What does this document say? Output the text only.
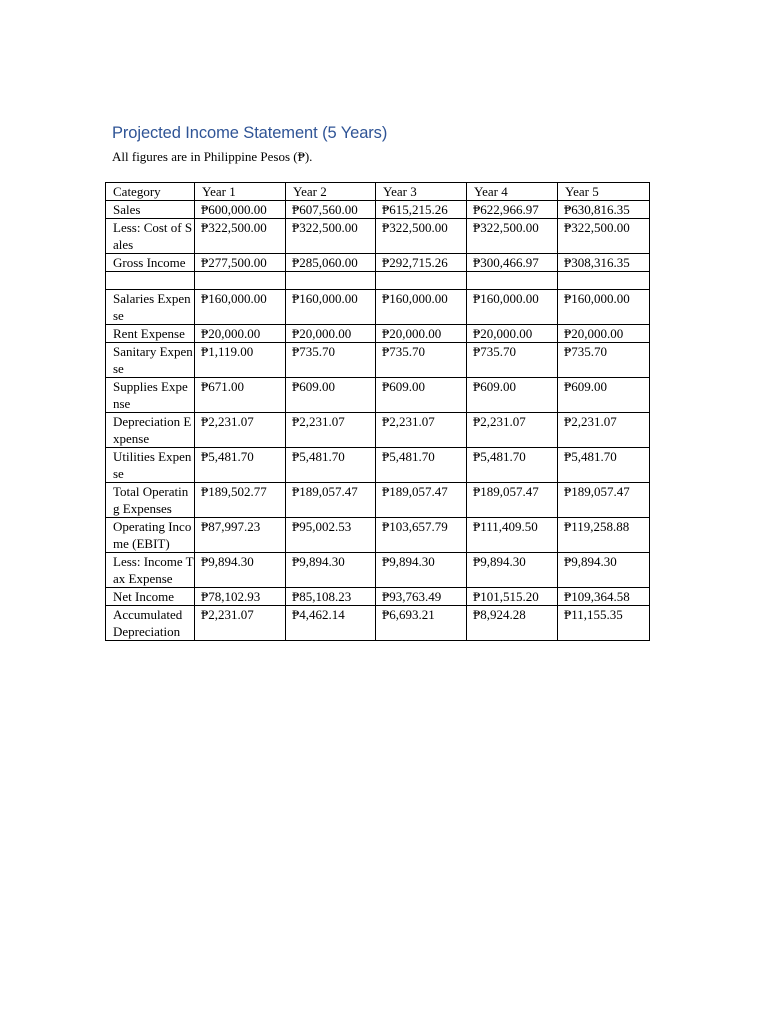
Projected Income Statement (5 Years)

All figures are in Philippine Pesos (₱).

Category	Year 1	Year 2	Year 3	Year 4	Year 5
Sales	₱600,000.00	₱607,560.00	₱615,215.26	₱622,966.97	₱630,816.35
Less: Cost of Sales	₱322,500.00	₱322,500.00	₱322,500.00	₱322,500.00	₱322,500.00
Gross Income	₱277,500.00	₱285,060.00	₱292,715.26	₱300,466.97	₱308,316.35

Salaries Expense	₱160,000.00	₱160,000.00	₱160,000.00	₱160,000.00	₱160,000.00
Rent Expense	₱20,000.00	₱20,000.00	₱20,000.00	₱20,000.00	₱20,000.00
Sanitary Expense	₱1,119.00	₱735.70	₱735.70	₱735.70	₱735.70
Supplies Expense	₱671.00	₱609.00	₱609.00	₱609.00	₱609.00
Depreciation Expense	₱2,231.07	₱2,231.07	₱2,231.07	₱2,231.07	₱2,231.07
Utilities Expense	₱5,481.70	₱5,481.70	₱5,481.70	₱5,481.70	₱5,481.70
Total Operating Expenses	₱189,502.77	₱189,057.47	₱189,057.47	₱189,057.47	₱189,057.47
Operating Income (EBIT)	₱87,997.23	₱95,002.53	₱103,657.79	₱111,409.50	₱119,258.88
Less: Income Tax Expense	₱9,894.30	₱9,894.30	₱9,894.30	₱9,894.30	₱9,894.30
Net Income	₱78,102.93	₱85,108.23	₱93,763.49	₱101,515.20	₱109,364.58
Accumulated Depreciation	₱2,231.07	₱4,462.14	₱6,693.21	₱8,924.28	₱11,155.35
